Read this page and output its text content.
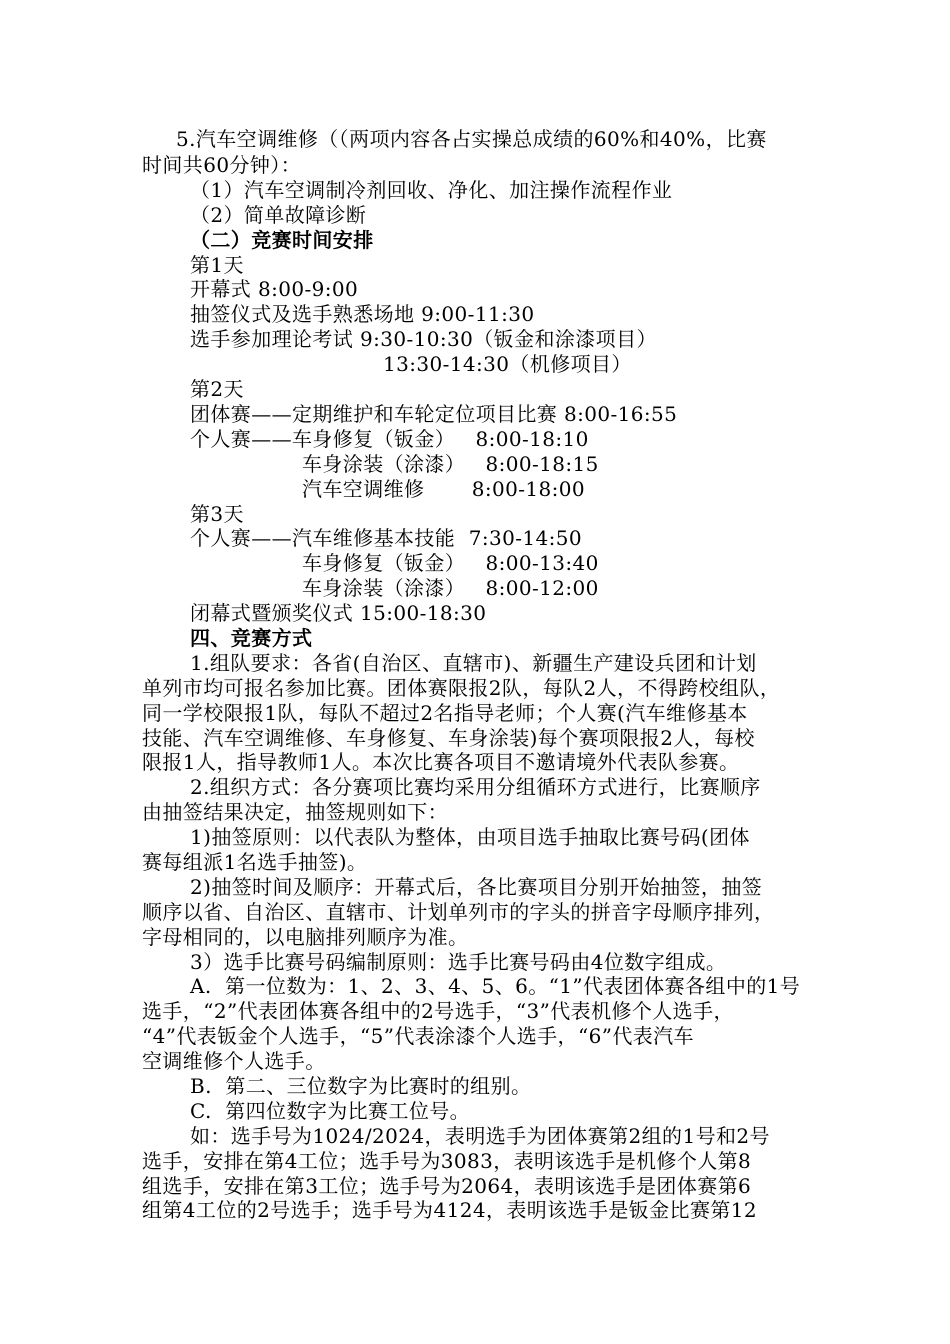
5.汽车空调维修（（两项内容各占实操总成绩的60%和40%，比赛
时间共60分钟）：
（1）汽车空调制冷剂回收、净化、加注操作流程作业
（2）简单故障诊断
（二）竞赛时间安排
第1天
开幕式 8:00-9:00
抽签仪式及选手熟悉场地 9:00-11:30
选手参加理论考试 9:30-10:30（钣金和涂漆项目）
13:30-14:30（机修项目）
第2天
团体赛——定期维护和车轮定位项目比赛 8:00-16:55
个人赛——车身修复（钣金）   8:00-18:10
车身涂装（涂漆）   8:00-18:15
汽车空调维修       8:00-18:00
第3天
个人赛——汽车维修基本技能  7:30-14:50
车身修复（钣金）   8:00-13:40
车身涂装（涂漆）   8:00-12:00
闭幕式暨颁奖仪式 15:00-18:30
四、竞赛方式
1.组队要求：各省(自治区、直辖市)、新疆生产建设兵团和计划
单列市均可报名参加比赛。团体赛限报2队，每队2人，不得跨校组队，
同一学校限报1队，每队不超过2名指导老师；个人赛(汽车维修基本
技能、汽车空调维修、车身修复、车身涂装)每个赛项限报2人，每校
限报1人，指导教师1人。本次比赛各项目不邀请境外代表队参赛。
2.组织方式：各分赛项比赛均采用分组循环方式进行，比赛顺序
由抽签结果决定，抽签规则如下：
1)抽签原则：以代表队为整体，由项目选手抽取比赛号码(团体
赛每组派1名选手抽签)。
2)抽签时间及顺序：开幕式后，各比赛项目分别开始抽签，抽签
顺序以省、自治区、直辖市、计划单列市的字头的拼音字母顺序排列，
字母相同的，以电脑排列顺序为准。
3）选手比赛号码编制原则：选手比赛号码由4位数字组成。
A.  第一位数为：1、2、3、4、5、6。“1”代表团体赛各组中的1号
选手，“2”代表团体赛各组中的2号选手，“3”代表机修个人选手，
“4”代表钣金个人选手，“5”代表涂漆个人选手，“6”代表汽车
空调维修个人选手。
B.  第二、三位数字为比赛时的组别。
C.  第四位数字为比赛工位号。
如：选手号为1024/2024，表明选手为团体赛第2组的1号和2号
选手，安排在第4工位；选手号为3083，表明该选手是机修个人第8
组选手，安排在第3工位；选手号为2064，表明该选手是团体赛第6
组第4工位的2号选手；选手号为4124，表明该选手是钣金比赛第12
